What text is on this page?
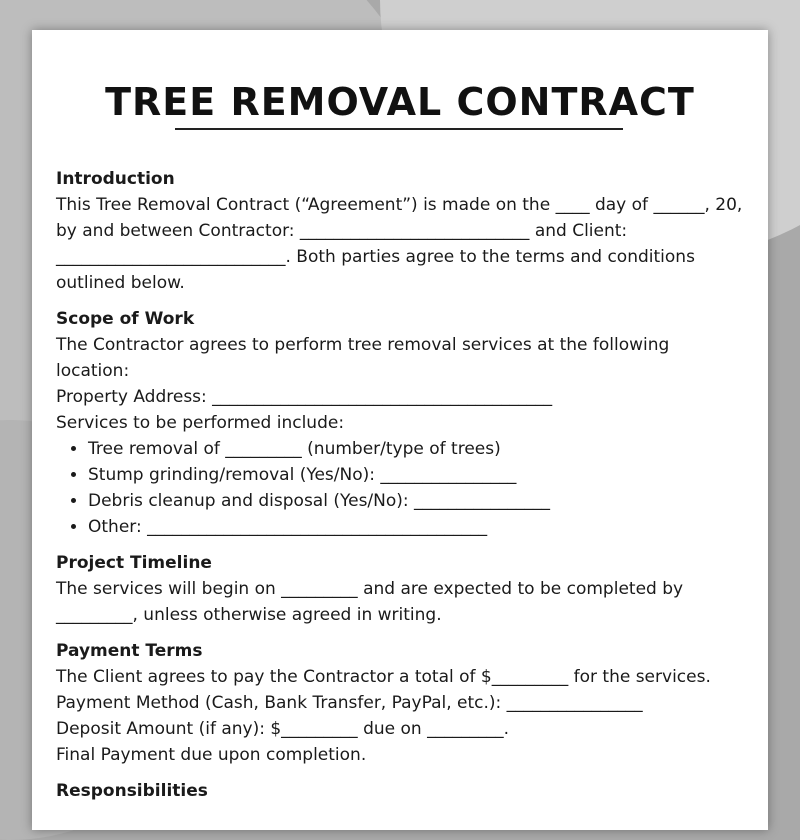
TREE REMOVAL CONTRACT

Introduction

This Tree Removal Contract (“Agreement”) is made on the ____ day of ______, 20,

by and between Contractor: ___________________________ and Client:

___________________________. Both parties agree to the terms and conditions

outlined below.

Scope of Work

The Contractor agrees to perform tree removal services at the following

location:

Property Address: ________________________________________

Services to be performed include:

• Tree removal of _________ (number/type of trees)
• Stump grinding/removal (Yes/No): ________________
• Debris cleanup and disposal (Yes/No): ________________
• Other: ________________________________________

Project Timeline

The services will begin on _________ and are expected to be completed by

_________, unless otherwise agreed in writing.

Payment Terms

The Client agrees to pay the Contractor a total of $_________ for the services.

Payment Method (Cash, Bank Transfer, PayPal, etc.): ________________

Deposit Amount (if any): $_________ due on _________.

Final Payment due upon completion.

Responsibilities
